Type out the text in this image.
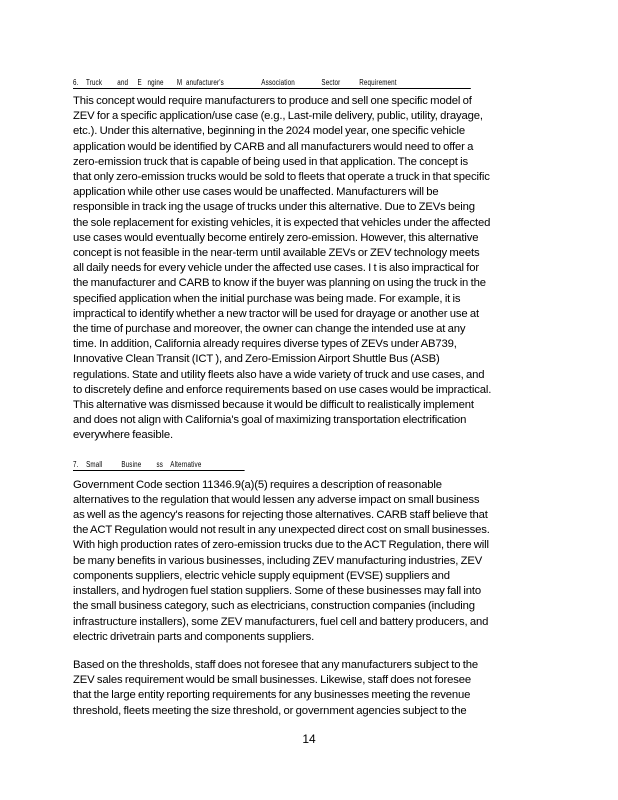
6.    Truck        and     E   ngine       M  anufacturer's                    Association              Sector          Requirement

This concept would require manufacturers to produce and sell one specific model of
ZEV for a specific application/use case (e.g., Last-mile delivery, public, utility, drayage,
etc.). Under this alternative, beginning in the 2024 model year, one specific vehicle
application would be identified by CARB and all manufacturers would need to offer a
zero-emission truck that is capable of being used in that application. The concept is
that only zero-emission trucks would be sold to fleets that operate a truck in that specific
application while other use cases would be unaffected. Manufacturers will be
responsible in track ing the usage of trucks under this alternative. Due to ZEVs being
the sole replacement for existing vehicles, it is expected that vehicles under the affected
use cases would eventually become entirely zero-emission. However, this alternative
concept is not feasible in the near-term until available ZEVs or ZEV technology meets
all daily needs for every vehicle under the affected use cases. I t is also impractical for
the manufacturer and CARB to know if the buyer was planning on using the truck in the
specified application when the initial purchase was being made. For example, it is
impractical to identify whether a new tractor will be used for drayage or another use at
the time of purchase and moreover, the owner can change the intended use at any
time. In addition, California already requires diverse types of ZEVs under AB739,
Innovative Clean Transit (ICT ), and Zero-Emission Airport Shuttle Bus (ASB)
regulations. State and utility fleets also have a wide variety of truck and use cases, and
to discretely define and enforce requirements based on use cases would be impractical.
This alternative was dismissed because it would be difficult to realistically implement
and does not align with California's goal of maximizing transportation electrification
everywhere feasible.

7.    Small          Busine        ss    Alternative

Government Code section 11346.9(a)(5) requires a description of reasonable
alternatives to the regulation that would lessen any adverse impact on small business
as well as the agency's reasons for rejecting those alternatives. CARB staff believe that
the ACT Regulation would not result in any unexpected direct cost on small businesses.
With high production rates of zero-emission trucks due to the ACT Regulation, there will
be many benefits in various businesses, including ZEV manufacturing industries, ZEV
components suppliers, electric vehicle supply equipment (EVSE) suppliers and
installers, and hydrogen fuel station suppliers. Some of these businesses may fall into
the small business category, such as electricians, construction companies (including
infrastructure installers), some ZEV manufacturers, fuel cell and battery producers, and
electric drivetrain parts and components suppliers.

Based on the thresholds, staff does not foresee that any manufacturers subject to the
ZEV sales requirement would be small businesses. Likewise, staff does not foresee
that the large entity reporting requirements for any businesses meeting the revenue
threshold, fleets meeting the size threshold, or government agencies subject to the

14
